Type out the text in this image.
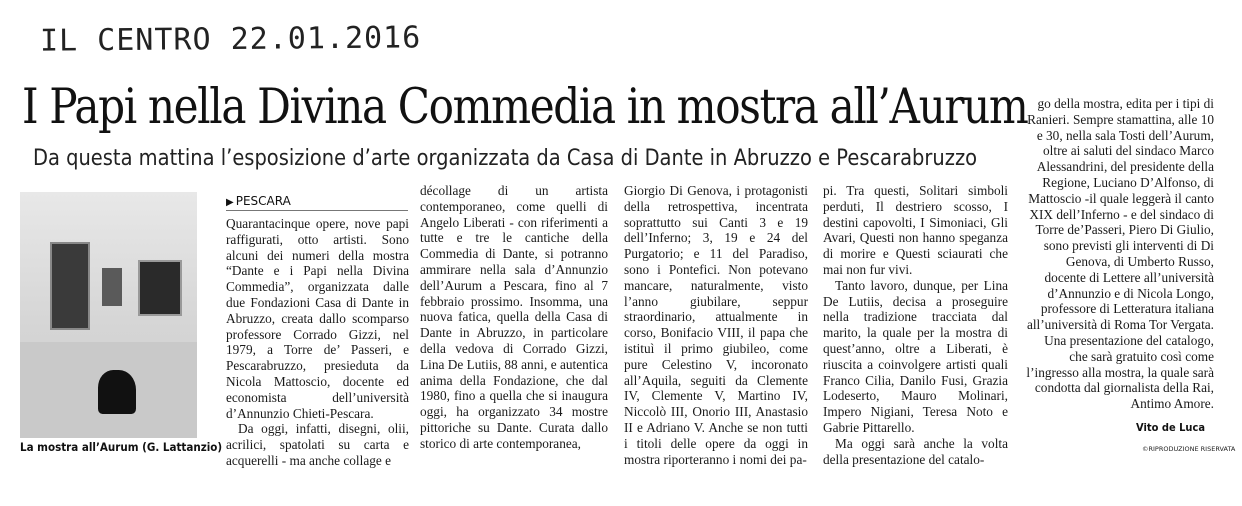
IL CENTRO 22.01.2016
I Papi nella Divina Commedia in mostra all’Aurum
Da questa mattina l’esposizione d’arte organizzata da Casa di Dante in Abruzzo e Pescarabruzzo
La mostra all’Aurum (G. Lattanzio)
▶ PESCARA

Quarantacinque opere, nove papi raffigurati, otto artisti. Sono alcuni dei numeri della mostra “Dante e i Papi nella Divina Commedia”, organizzata dalle due Fondazioni Casa di Dante in Abruzzo, creata dallo scomparso professore Corrado Gizzi, nel 1979, a Torre de’ Passeri, e Pescarabruzzo, presieduta da Nicola Mattoscio, docente ed economista dell’università d’Annunzio Chieti-Pescara.

Da oggi, infatti, disegni, olii, acrilici, spatolati su carta e acquerelli - ma anche collage e

décollage di un artista contemporaneo, come quelli di Angelo Liberati - con riferimenti a tutte e tre le cantiche della Commedia di Dante, si potranno ammirare nella sala d’Annunzio dell’Aurum a Pescara, fino al 7 febbraio prossimo. Insomma, una nuova fatica, quella della Casa di Dante in Abruzzo, in particolare della vedova di Corrado Gizzi, Lina De Lutiis, 88 anni, e autentica anima della Fondazione, che dal 1980, fino a quella che si inaugura oggi, ha organizzato 34 mostre pittoriche su Dante. Curata dallo storico di arte contemporanea,

Giorgio Di Genova, i protagonisti della retrospettiva, incentrata soprattutto sui Canti 3 e 19 dell’Inferno; 3, 19 e 24 del Purgatorio; e 11 del Paradiso, sono i Pontefici. Non potevano mancare, naturalmente, visto l’anno giubilare, seppur straordinario, attualmente in corso, Bonifacio VIII, il papa che istituì il primo giubileo, come pure Celestino V, incoronato all’Aquila, seguiti da Clemente IV, Clemente V, Martino IV, Niccolò III, Onorio III, Anastasio II e Adriano V. Anche se non tutti i titoli delle opere da oggi in mostra riporteranno i nomi dei pa-

pi. Tra questi, Solitari simboli perduti, Il destriero scosso, I destini capovolti, I Simoniaci, Gli Avari, Questi non hanno speganza di morire e Questi sciaurati che mai non fur vivi.

Tanto lavoro, dunque, per Lina De Lutiis, decisa a proseguire nella tradizione tracciata dal marito, la quale per la mostra di quest’anno, oltre a Liberati, è riuscita a coinvolgere artisti quali Franco Cilia, Danilo Fusi, Grazia Lodeserto, Mauro Molinari, Impero Nigiani, Teresa Noto e Gabrie Pittarello.

Ma oggi sarà anche la volta della presentazione del catalo-

go della mostra, edita per i tipi di Ranieri. Sempre stamattina, alle 10 e 30, nella sala Tosti dell’Aurum, oltre ai saluti del sindaco Marco Alessandrini, del presidente della Regione, Luciano D’Alfonso, di Mattoscio -il quale leggerà il canto XIX dell’Inferno - e del sindaco di Torre de’Passeri, Piero Di Giulio, sono previsti gli interventi di Di Genova, di Umberto Russo, docente di Lettere all’università d’Annunzio e di Nicola Longo, professore di Letteratura italiana all’università di Roma Tor Vergata. Una presentazione del catalogo, che sarà gratuito così come l’ingresso alla mostra, la quale sarà condotta dal giornalista della Rai, Antimo Amore.

Vito de Luca
©RIPRODUZIONE RISERVATA
